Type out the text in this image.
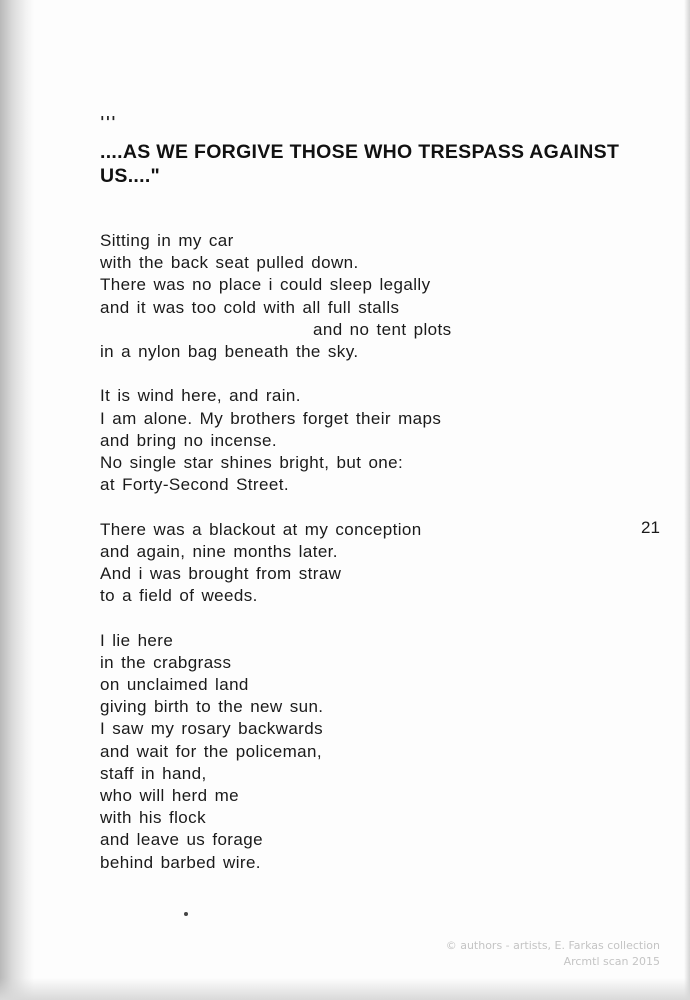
'''
....AS WE FORGIVE THOSE WHO TRESPASS AGAINST
US...."

Sitting in my car
with the back seat pulled down.
There was no place i could sleep legally
and it was too cold with all full stalls
and no tent plots
in a nylon bag beneath the sky.

It is wind here, and rain.
I am alone. My brothers forget their maps
and bring no incense.
No single star shines bright, but one:
at Forty-Second Street.

There was a blackout at my conception
and again, nine months later.
And i was brought from straw
to a field of weeds.

I lie here
in the crabgrass
on unclaimed land
giving birth to the new sun.
I saw my rosary backwards
and wait for the policeman,
staff in hand,
who will herd me
with his flock
and leave us forage
behind barbed wire.

21
© authors - artists, E. Farkas collection
Arcmtl scan 2015
